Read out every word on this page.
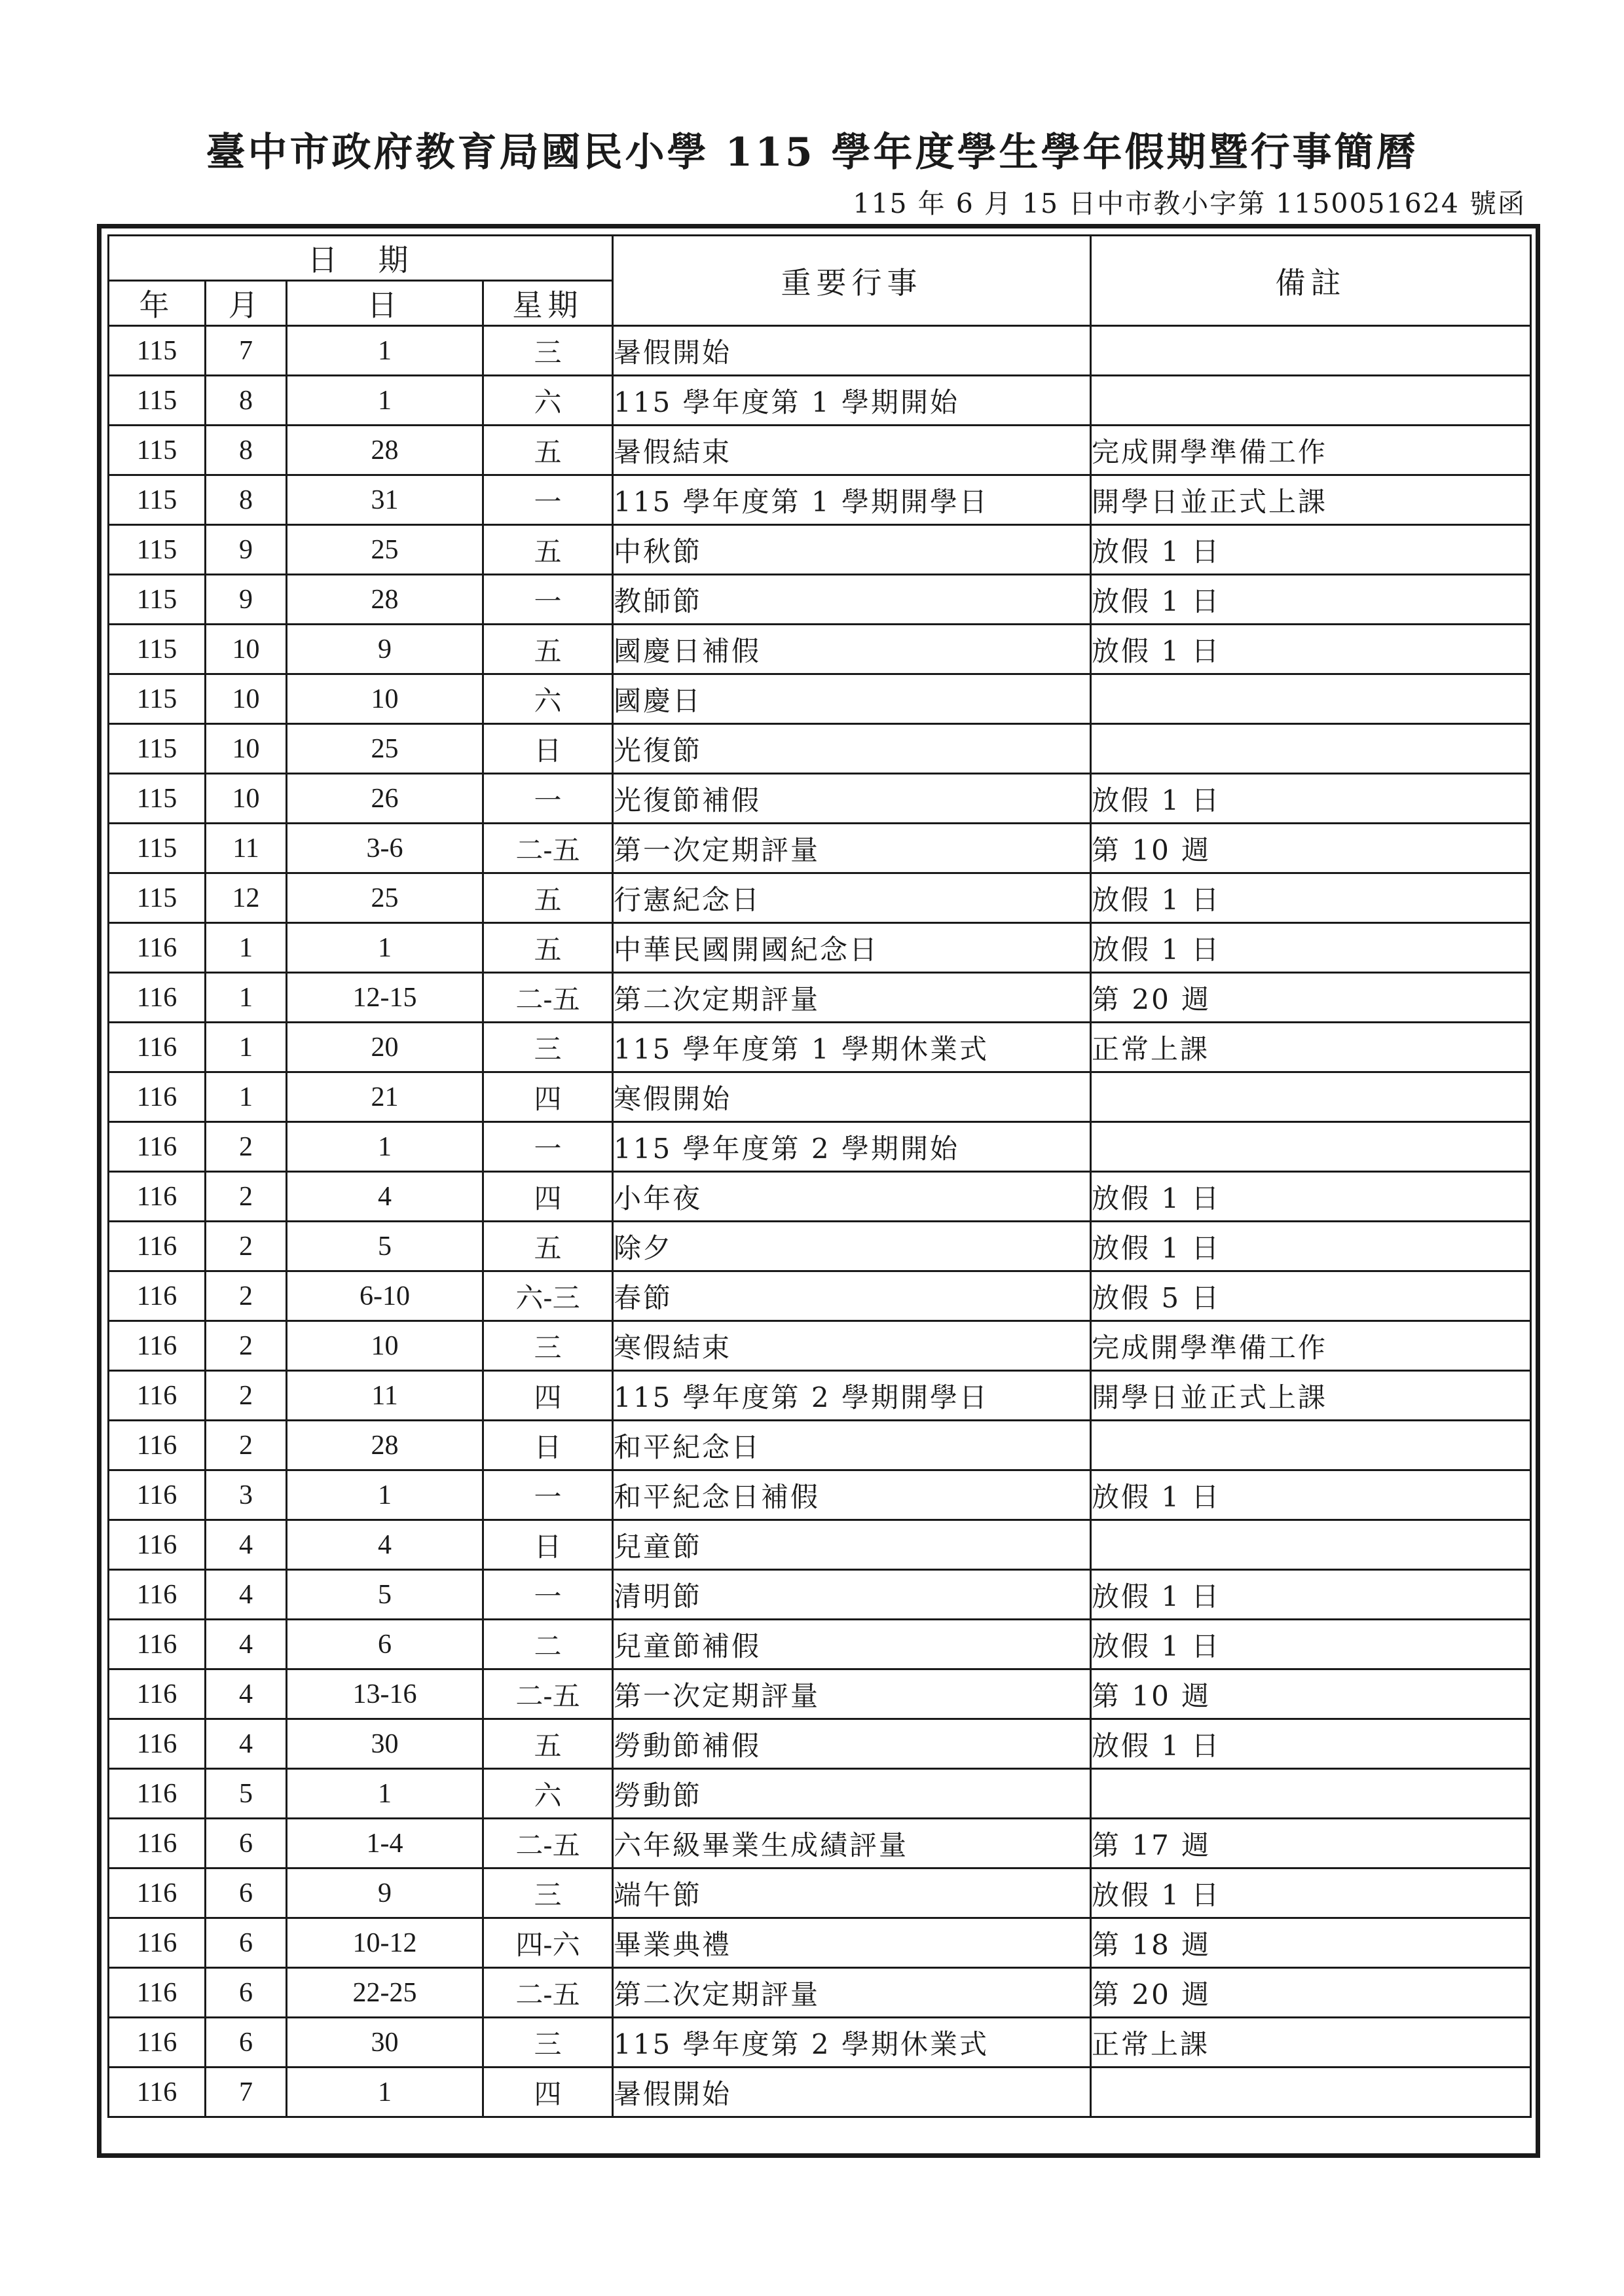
臺中市政府教育局國民小學 115 學年度學生學年假期暨行事簡曆
115 年 6 月 15 日中市教小字第 1150051624 號函
日　期				重要行事	備註
年	月	日	星期		
115	7	1	三	暑假開始	
115	8	1	六	115 學年度第 1 學期開始	
115	8	28	五	暑假結束	完成開學準備工作
115	8	31	一	115 學年度第 1 學期開學日	開學日並正式上課
115	9	25	五	中秋節	放假 1 日
115	9	28	一	教師節	放假 1 日
115	10	9	五	國慶日補假	放假 1 日
115	10	10	六	國慶日	
115	10	25	日	光復節	
115	10	26	一	光復節補假	放假 1 日
115	11	3-6	二-五	第一次定期評量	第 10 週
115	12	25	五	行憲紀念日	放假 1 日
116	1	1	五	中華民國開國紀念日	放假 1 日
116	1	12-15	二-五	第二次定期評量	第 20 週
116	1	20	三	115 學年度第 1 學期休業式	正常上課
116	1	21	四	寒假開始	
116	2	1	一	115 學年度第 2 學期開始	
116	2	4	四	小年夜	放假 1 日
116	2	5	五	除夕	放假 1 日
116	2	6-10	六-三	春節	放假 5 日
116	2	10	三	寒假結束	完成開學準備工作
116	2	11	四	115 學年度第 2 學期開學日	開學日並正式上課
116	2	28	日	和平紀念日	
116	3	1	一	和平紀念日補假	放假 1 日
116	4	4	日	兒童節	
116	4	5	一	清明節	放假 1 日
116	4	6	二	兒童節補假	放假 1 日
116	4	13-16	二-五	第一次定期評量	第 10 週
116	4	30	五	勞動節補假	放假 1 日
116	5	1	六	勞動節	
116	6	1-4	二-五	六年級畢業生成績評量	第 17 週
116	6	9	三	端午節	放假 1 日
116	6	10-12	四-六	畢業典禮	第 18 週
116	6	22-25	二-五	第二次定期評量	第 20 週
116	6	30	三	115 學年度第 2 學期休業式	正常上課
116	7	1	四	暑假開始	
